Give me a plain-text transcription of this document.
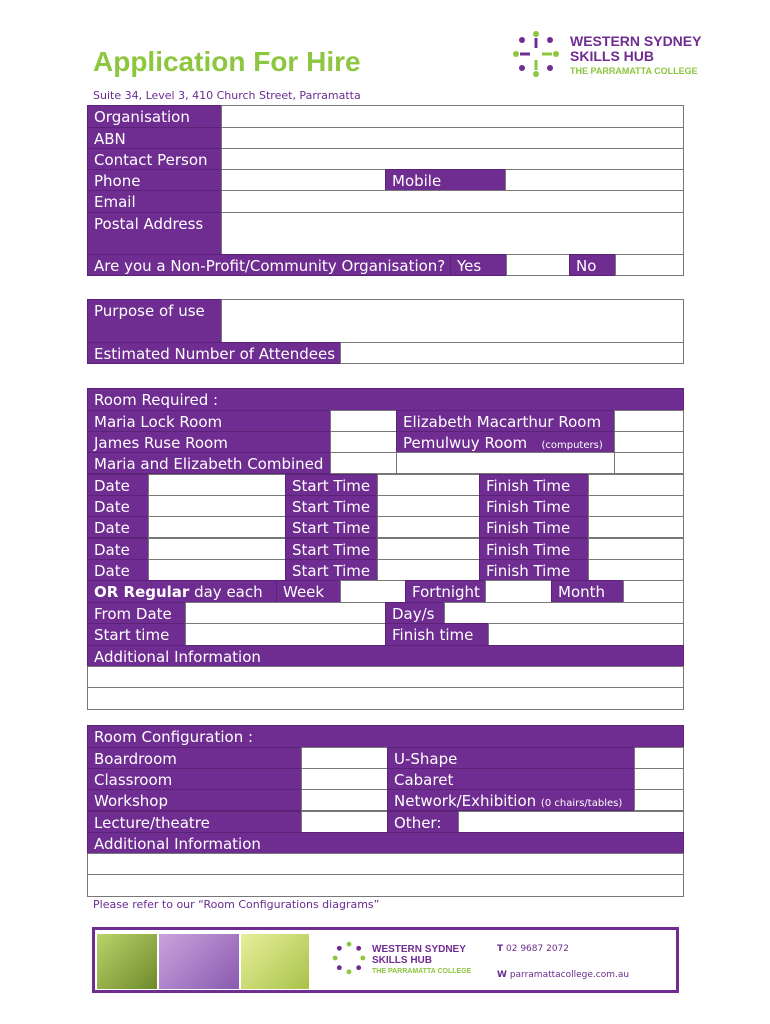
Application For Hire
Suite 34, Level 3, 410 Church Street, Parramatta
WESTERN SYDNEY
SKILLS HUB
THE PARRAMATTA COLLEGE
Organisation
ABN
Contact Person
Phone	Mobile
Email
Postal Address
Are you a Non-Profit/Community Organisation? Yes	No
Purpose of use
Estimated Number of Attendees
Room Required :
Maria Lock Room	Elizabeth Macarthur Room
James Ruse Room	Pemulwuy Room (computers)
Maria and Elizabeth Combined
Date	Start Time	Finish Time
Date	Start Time	Finish Time
Date	Start Time	Finish Time
Date	Start Time	Finish Time
Date	Start Time	Finish Time
OR Regular day each	Week	Fortnight	Month
From Date	Day/s
Start time	Finish time
Additional Information
Room Configuration :
Boardroom	U-Shape
Classroom	Cabaret
Workshop	Network/Exhibition (0 chairs/tables)
Lecture/theatre	Other:
Additional Information
Please refer to our “Room Configurations diagrams”
WESTERN SYDNEY
SKILLS HUB
THE PARRAMATTA COLLEGE
T 02 9687 2072
W parramattacollege.com.au
